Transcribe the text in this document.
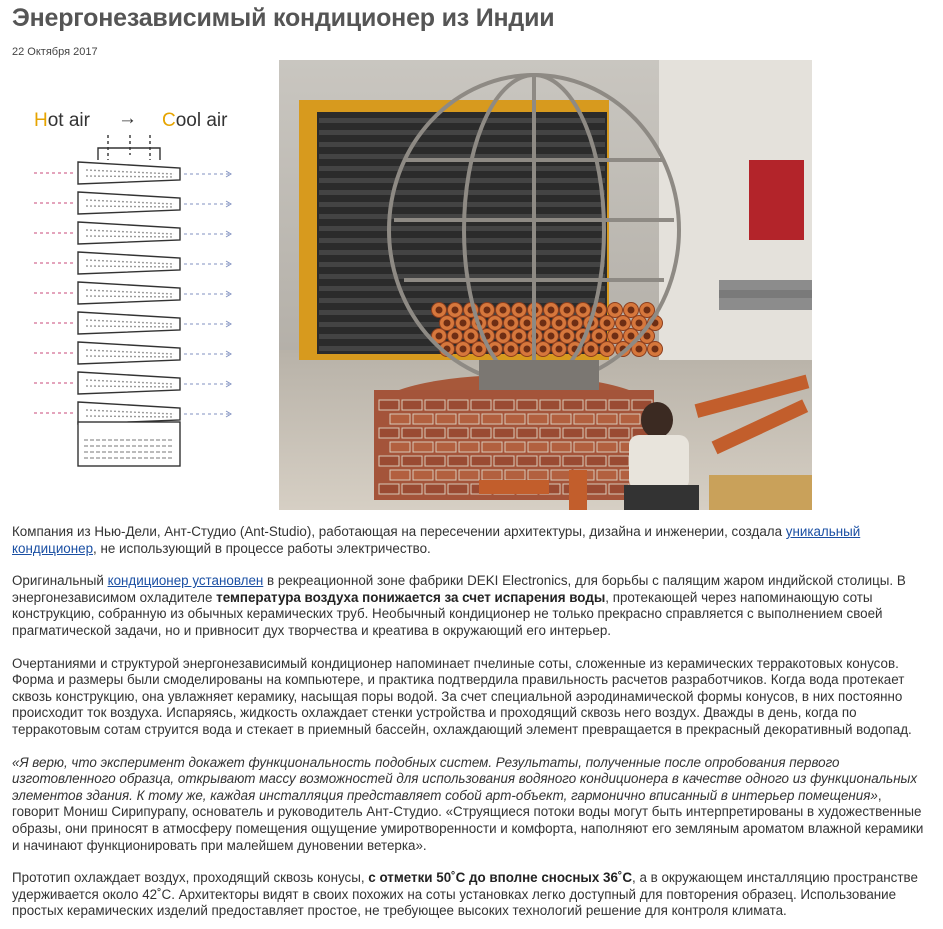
Энергонезависимый кондиционер из Индии
22 Октября 2017
Hot air → Cool air

Компания из Нью-Дели, Ант-Студио (Ant-Studio), работающая на пересечении архитектуры, дизайна и инженерии, создала уникальный кондиционер, не использующий в процессе работы электричество.

Оригинальный кондиционер установлен в рекреационной зоне фабрики DEKI Electronics, для борьбы с палящим жаром индийской столицы. В энергонезависимом охладителе температура воздуха понижается за счет испарения воды, протекающей через напоминающую соты конструкцию, собранную из обычных керамических труб. Необычный кондиционер не только прекрасно справляется с выполнением своей прагматической задачи, но и привносит дух творчества и креатива в окружающий его интерьер.

Очертаниями и структурой энергонезависимый кондиционер напоминает пчелиные соты, сложенные из керамических терракотовых конусов. Форма и размеры были смоделированы на компьютере, и практика подтвердила правильность расчетов разработчиков. Когда вода протекает сквозь конструкцию, она увлажняет керамику, насыщая поры водой. За счет специальной аэродинамической формы конусов, в них постоянно происходит ток воздуха. Испаряясь, жидкость охлаждает стенки устройства и проходящий сквозь него воздух. Дважды в день, когда по терракотовым сотам струится вода и стекает в приемный бассейн, охлаждающий элемент превращается в прекрасный декоративный водопад.

«Я верю, что эксперимент докажет функциональность подобных систем. Результаты, полученные после опробования первого изготовленного образца, открывают массу возможностей для использования водяного кондиционера в качестве одного из функциональных элементов здания. К тому же, каждая инсталляция представляет собой арт-объект, гармонично вписанный в интерьер помещения», говорит Мониш Сирипурапу, основатель и руководитель Ант-Студио. «Струящиеся потоки воды могут быть интерпретированы в художественные образы, они приносят в атмосферу помещения ощущение умиротворенности и комфорта, наполняют его земляным ароматом влажной керамики и начинают функционировать при малейшем дуновении ветерка».

Прототип охлаждает воздух, проходящий сквозь конусы, с отметки 50˚С до вполне сносных 36˚С, а в окружающем инсталляцию пространстве удерживается около 42˚С. Архитекторы видят в своих похожих на соты установках легко доступный для повторения образец. Использование простых керамических изделий предоставляет простое, не требующее высоких технологий решение для контроля климата.
